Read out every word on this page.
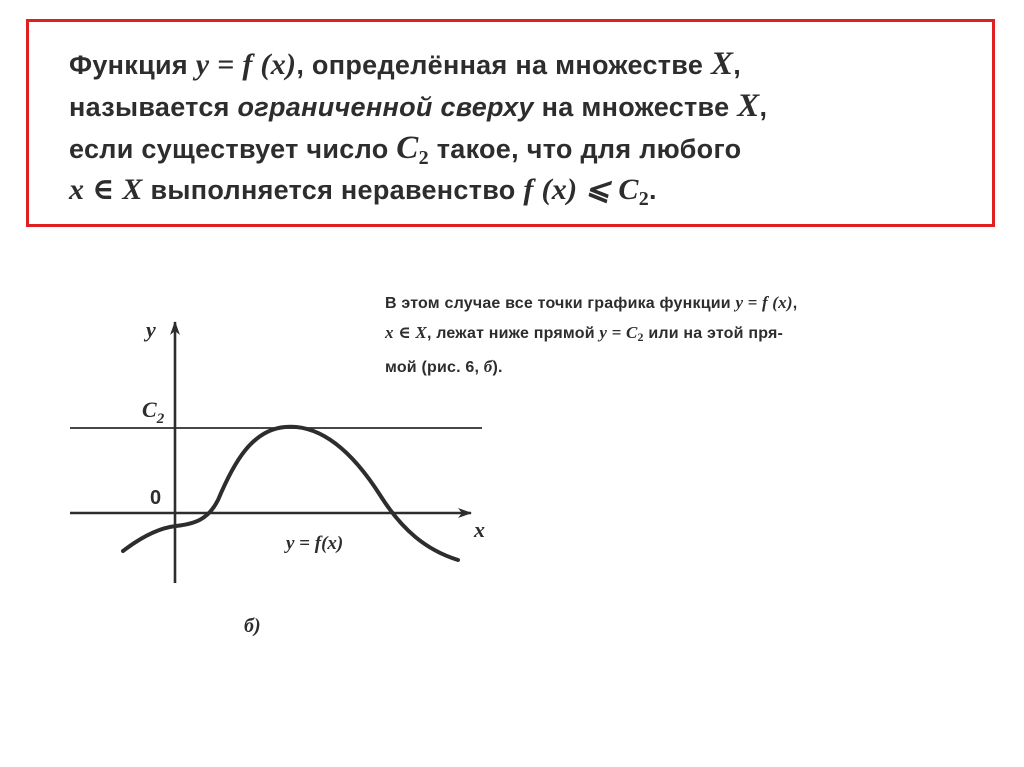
Функция y = f (x), определённая на множестве X,
называется ограниченной сверху на множестве X,
если существует число $C_2$ такое, что для любого
x ∈ X выполняется неравенство f (x) ⩽ $C_2$.
В этом случае все точки графика функции y = f (x),
x ∈ X, лежат ниже прямой $y = C_2$ или на этой пря-
мой (рис. 6, б).
y
x
$C_2$
0
y = f(x)
б)
